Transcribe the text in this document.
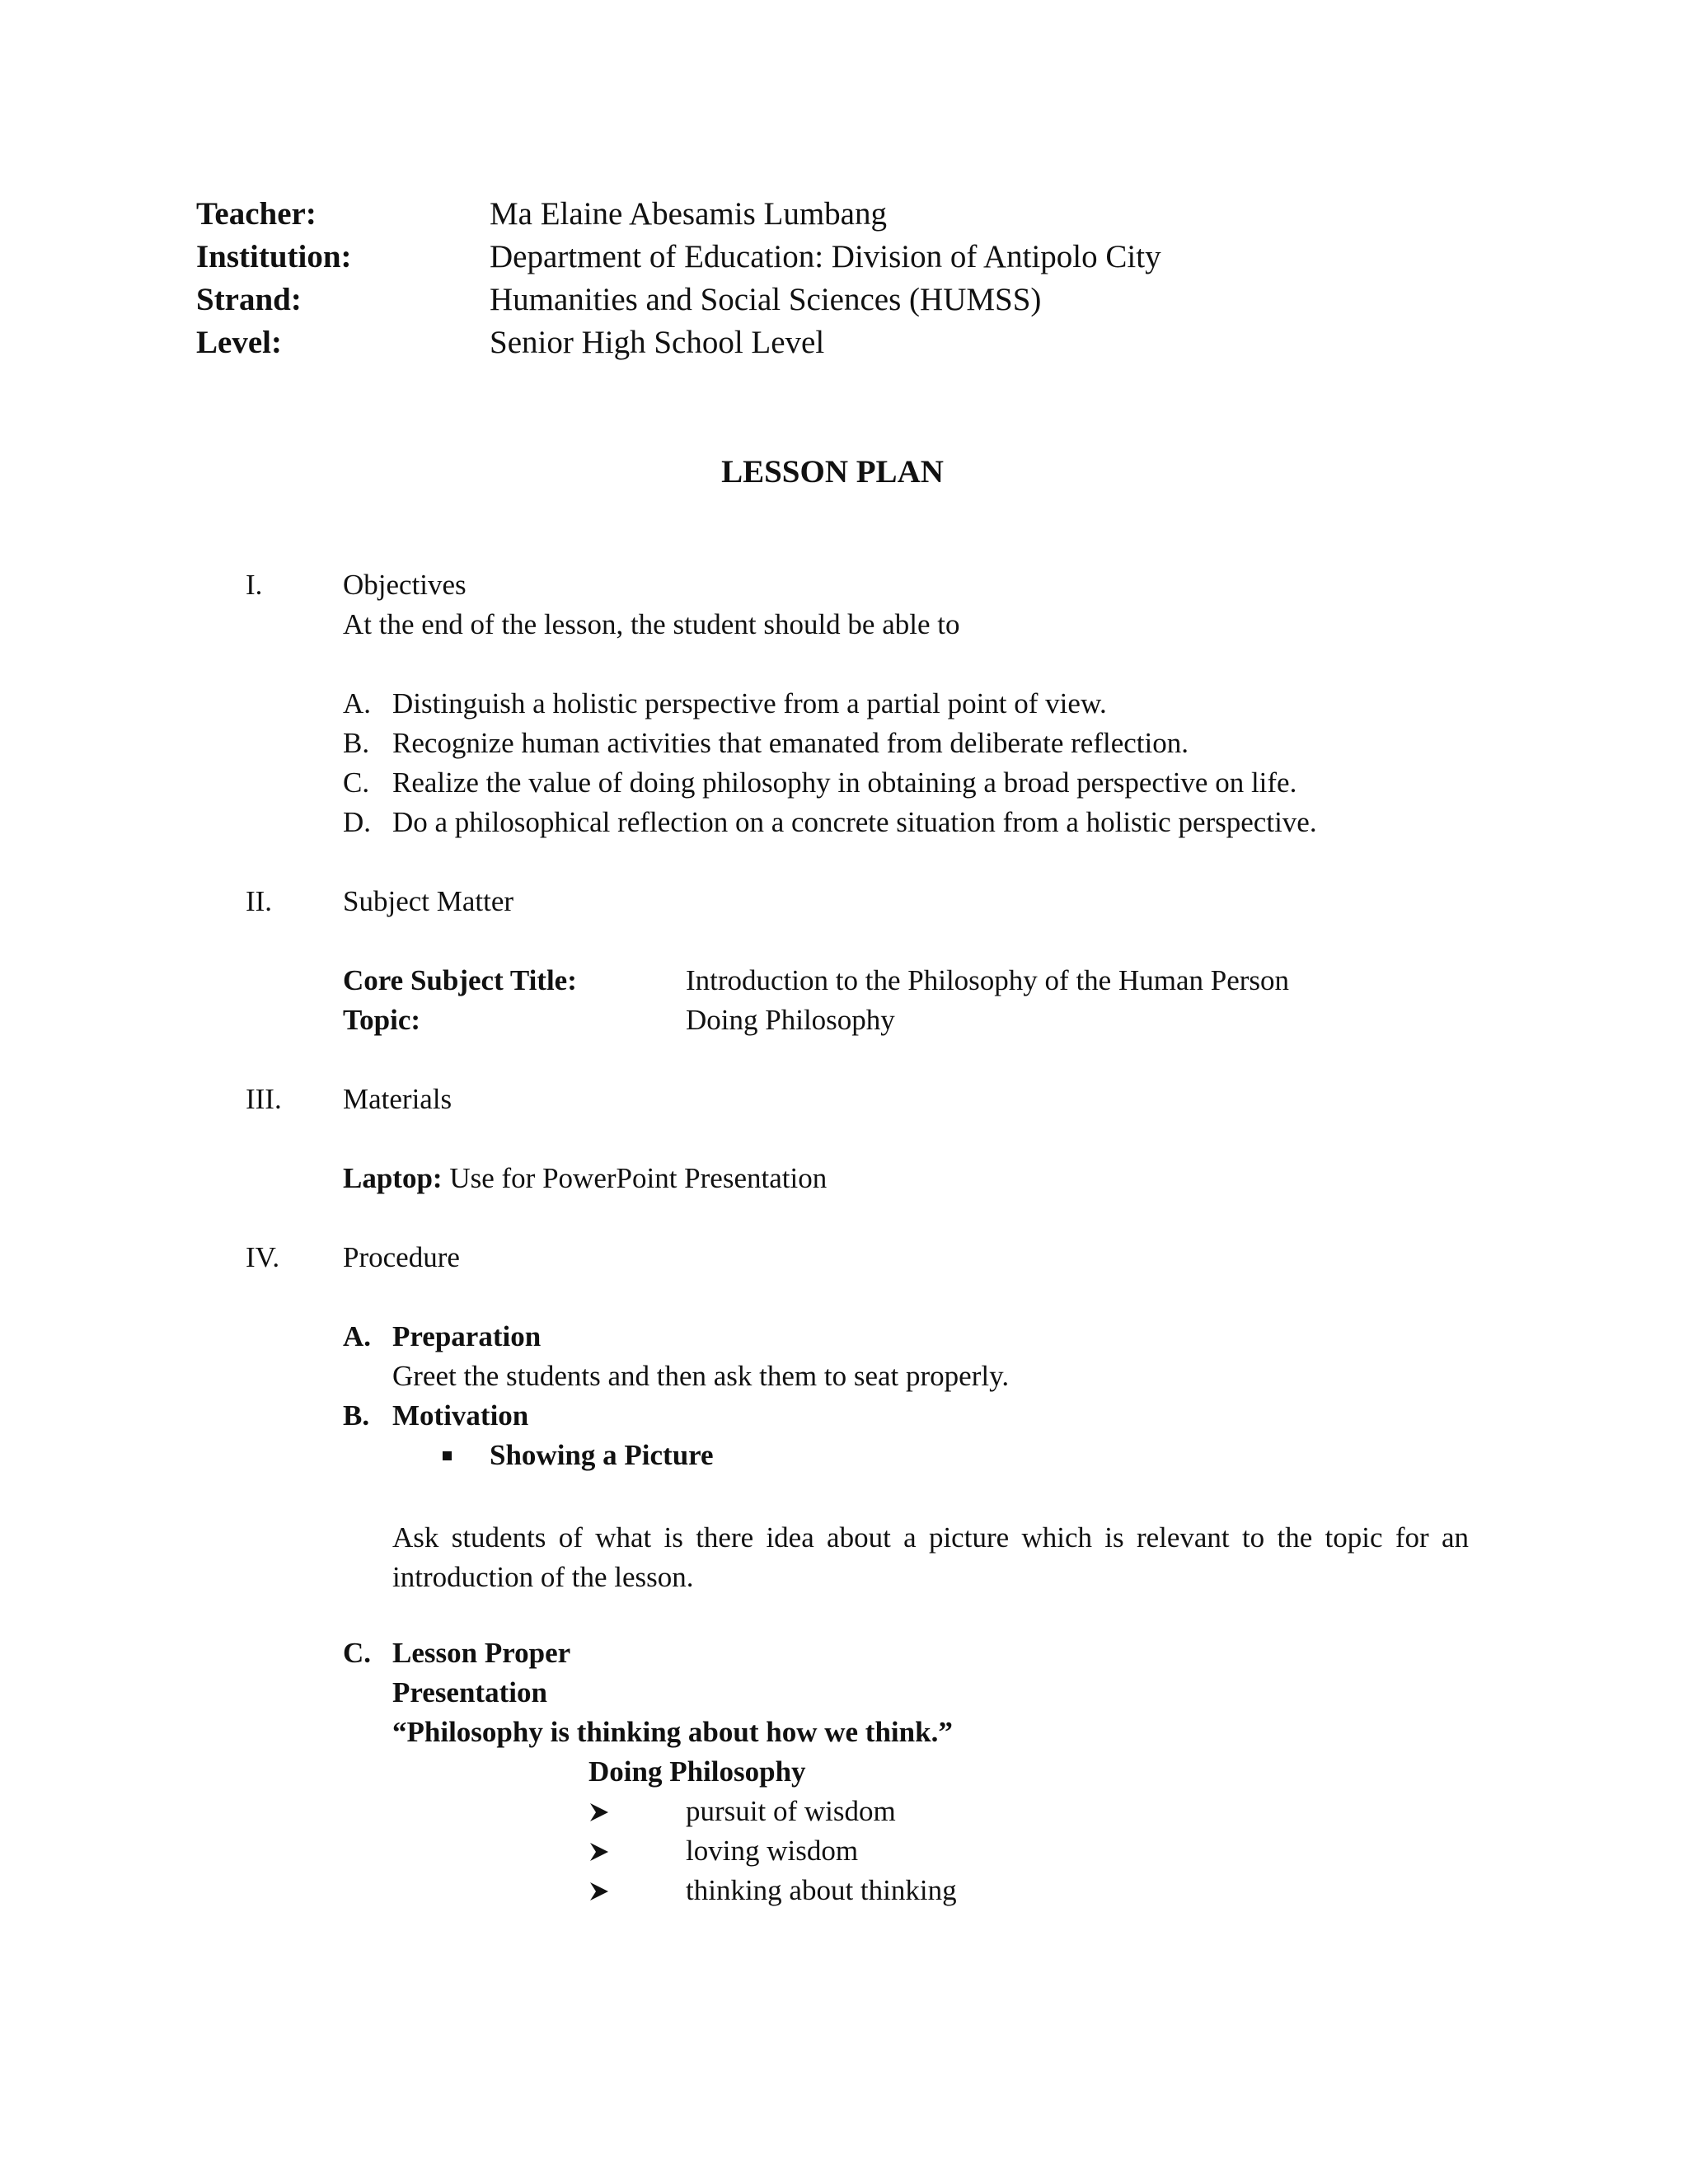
Teacher:	Ma Elaine Abesamis Lumbang
Institution:	Department of Education: Division of Antipolo City
Strand:	Humanities and Social Sciences (HUMSS)
Level:	Senior High School Level
LESSON PLAN
I.	Objectives
At the end of the lesson, the student should be able to
A. Distinguish a holistic perspective from a partial point of view.
B. Recognize human activities that emanated from deliberate reflection.
C. Realize the value of doing philosophy in obtaining a broad perspective on life.
D. Do a philosophical reflection on a concrete situation from a holistic perspective.
II. Subject Matter
Core Subject Title:	Introduction to the Philosophy of the Human Person
Topic:	Doing Philosophy
III. Materials
Laptop: Use for PowerPoint Presentation
IV. Procedure
A. Preparation
Greet the students and then ask them to seat properly.
B. Motivation
Showing a Picture
Ask students of what is there idea about a picture which is relevant to the topic for an introduction of the lesson.
C. Lesson Proper
Presentation
“Philosophy is thinking about how we think.”
Doing Philosophy
pursuit of wisdom
loving wisdom
thinking about thinking
